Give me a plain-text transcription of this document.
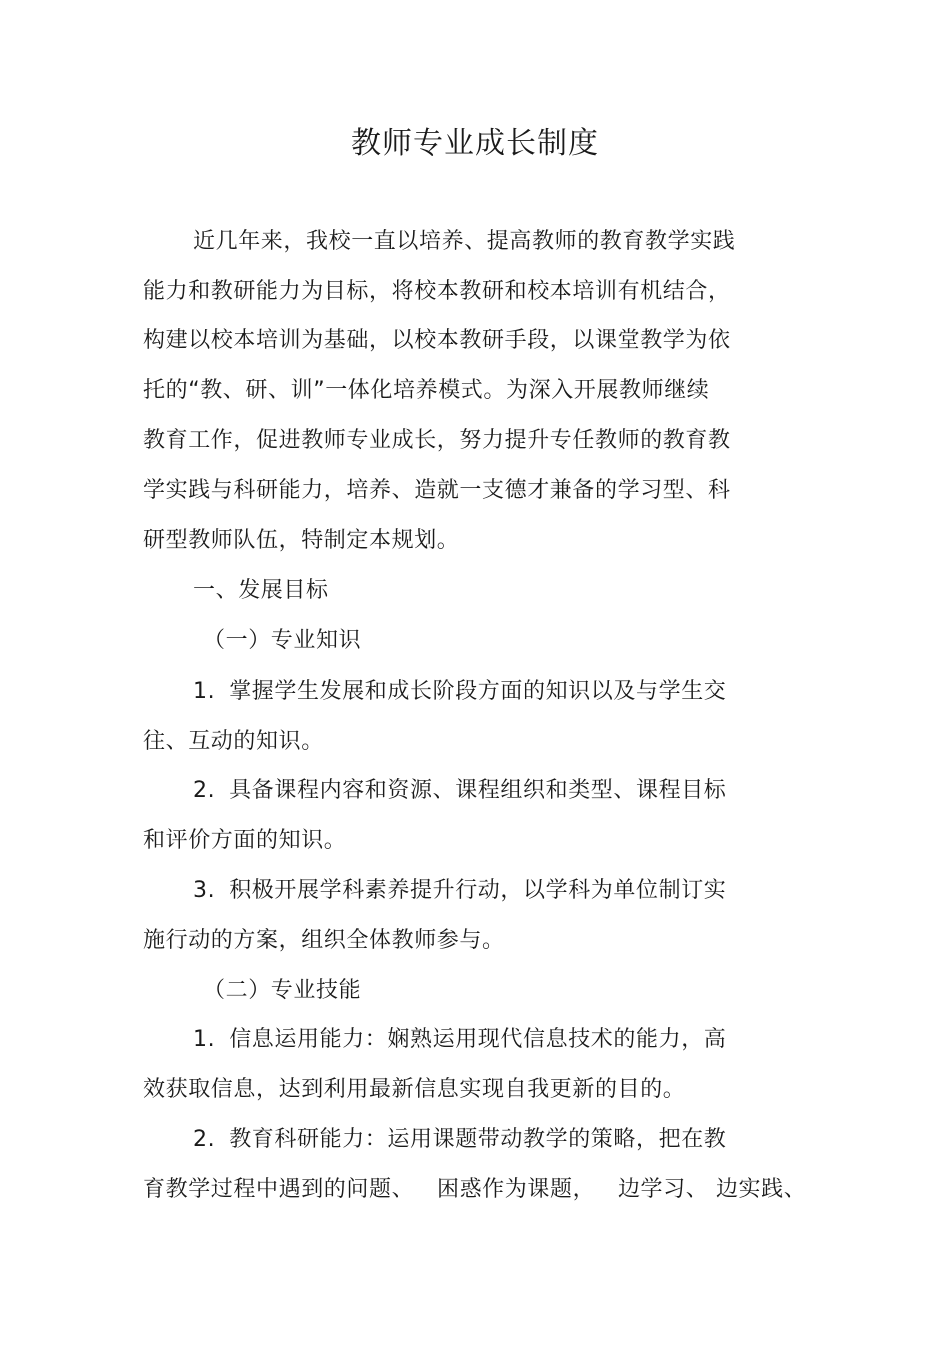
教师专业成长制度
近几年来，我校一直以培养、提高教师的教育教学实践
能力和教研能力为目标，将校本教研和校本培训有机结合，
构建以校本培训为基础，以校本教研手段，以课堂教学为依
托的“教、研、训”一体化培养模式。为深入开展教师继续
教育工作，促进教师专业成长，努力提升专任教师的教育教
学实践与科研能力，培养、造就一支德才兼备的学习型、科
研型教师队伍，特制定本规划。
一、发展目标
（一）专业知识
1. 掌握学生发展和成长阶段方面的知识以及与学生交
往、互动的知识。
2. 具备课程内容和资源、课程组织和类型、课程目标
和评价方面的知识。
3. 积极开展学科素养提升行动，以学科为单位制订实
施行动的方案，组织全体教师参与。
（二）专业技能
1. 信息运用能力：娴熟运用现代信息技术的能力，高
效获取信息，达到利用最新信息实现自我更新的目的。
2. 教育科研能力：运用课题带动教学的策略，把在教
育教学过程中遇到的问题、   困惑作为课题，   边学习、 边实践、
